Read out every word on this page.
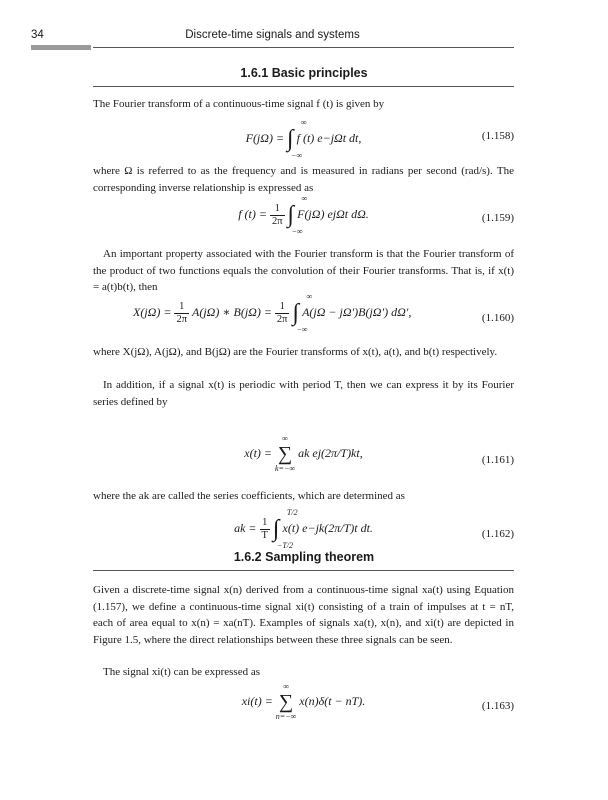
34	Discrete-time signals and systems
1.6.1 Basic principles
The Fourier transform of a continuous-time signal f (t) is given by
F(jΩ) = ∫
∞
−∞
f (t) e−jΩt dt,	(1.158)
where Ω is referred to as the frequency and is measured in radians per second (rad/s). The corresponding inverse relationship is expressed as
f $(t) = \frac{1}{2\pi}$
∫
∞
−∞
F(jΩ) ejΩt dΩ.	(1.159)
An important property associated with the Fourier transform is that the Fourier transform of the product of two functions equals the convolution of their Fourier transforms. That is, if x(t) = a(t)b(t), then
$X(j\Omega) = \frac{1}{2\pi} A(j\Omega)$ ∗ $B(j\Omega) = \frac{1}{2\pi}$
∫
∞
−∞
A(jΩ − jΩ′)B(jΩ′) dΩ′,	(1.160)
where X(jΩ), A(jΩ), and B(jΩ) are the Fourier transforms of x(t), a(t), and b(t) respectively.
In addition, if a signal x(t) is periodic with period T, then we can express it by its Fourier series defined by
x(t) =
∞
∑
k=−∞
ak ej(2π/T)kt,
(1.161)
where the ak are called the series coefficients, which are determined as
ak = $\frac{1}{T}$
∫
T/2
−T/2
x(t) e−jk(2π/T)t dt.	(1.162)
1.6.2 Sampling theorem
Given a discrete-time signal x(n) derived from a continuous-time signal xa(t) using Equation (1.157), we define a continuous-time signal xi(t) consisting of a train of impulses at t = nT, each of area equal to x(n) = xa(nT). Examples of signals xa(t), x(n), and xi(t) are depicted in Figure 1.5, where the direct relationships between these three signals can be seen.
The signal xi(t) can be expressed as
xi(t) =
∞
∑
n=−∞
x(n)δ(t − nT).	(1.163)
